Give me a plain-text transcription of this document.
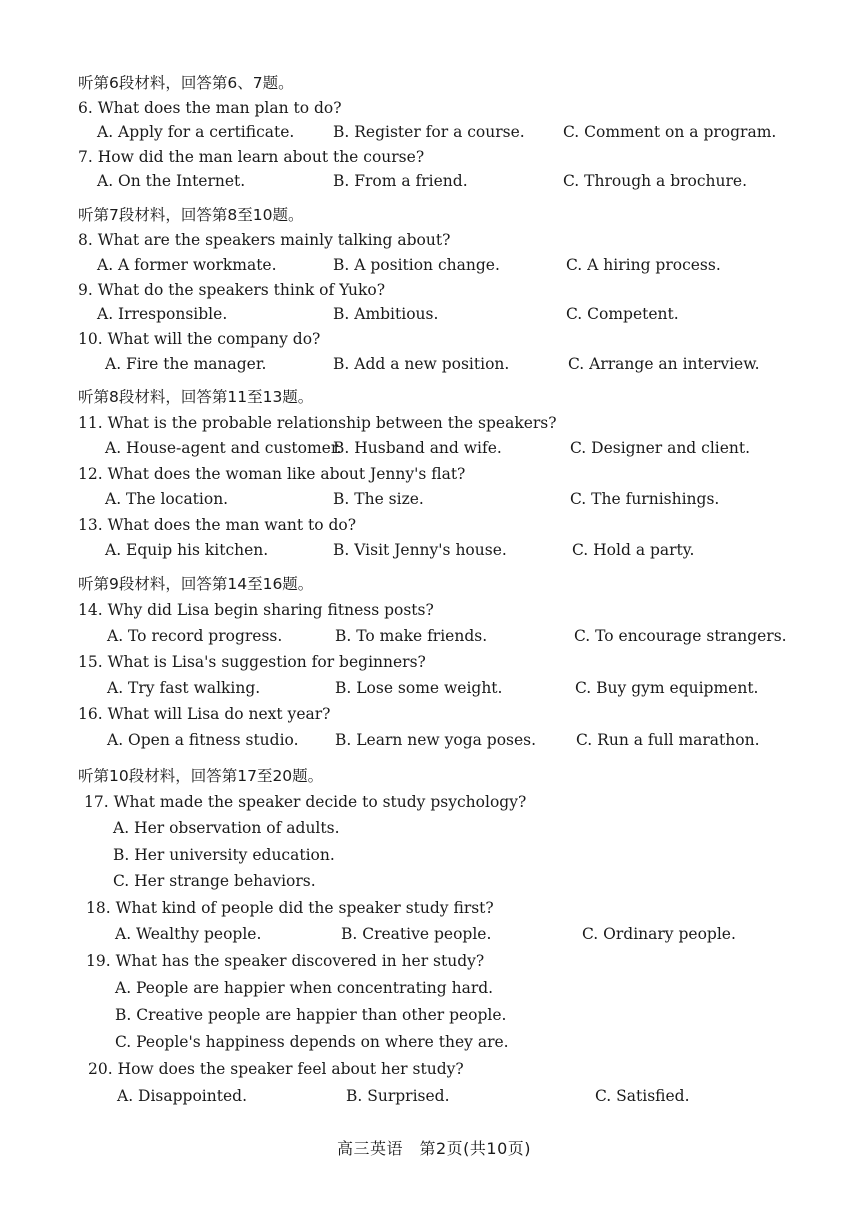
听第6段材料，回答第6、7题。
6. What does the man plan to do?
A. Apply for a certificate. B. Register for a course. C. Comment on a program.
7. How did the man learn about the course?
A. On the Internet.	B. From a friend.	C. Through a brochure.
听第7段材料，回答第8至10题。
8. What are the speakers mainly talking about?
A. A former workmate.	B. A position change.	C. A hiring process.
9. What do the speakers think of Yuko?
A. Irresponsible.	B. Ambitious.	C. Competent.
10. What will the company do?
A. Fire the manager.	B. Add a new position.	C. Arrange an interview.
听第8段材料，回答第11至13题。
11. What is the probable relationship between the speakers?
A. House-agent and customer.
B. Husband and wife.	C. Designer and client.
12. What does the woman like about Jenny's flat?
A. The location.	B. The size.	C. The furnishings.
13. What does the man want to do?
A. Equip his kitchen.	B. Visit Jenny's house.	C. Hold a party.
听第9段材料，回答第14至16题。
14. Why did Lisa begin sharing fitness posts?
A. To record progress.	B. To make friends.	C. To encourage strangers.
15. What is Lisa's suggestion for beginners?
A. Try fast walking.	B. Lose some weight.	C. Buy gym equipment.
16. What will Lisa do next year?
A. Open a fitness studio. B. Learn new yoga poses.	C. Run a full marathon.
听第10段材料，回答第17至20题。
17. What made the speaker decide to study psychology?
A. Her observation of adults.
B. Her university education.
C. Her strange behaviors.
18. What kind of people did the speaker study first?
A. Wealthy people.	B. Creative people.	C. Ordinary people.
19. What has the speaker discovered in her study?
A. People are happier when concentrating hard.
B. Creative people are happier than other people.
C. People's happiness depends on where they are.
20. How does the speaker feel about her study?
A. Disappointed.	B. Surprised.	C. Satisfied.
高三英语　第2页(共10页)
